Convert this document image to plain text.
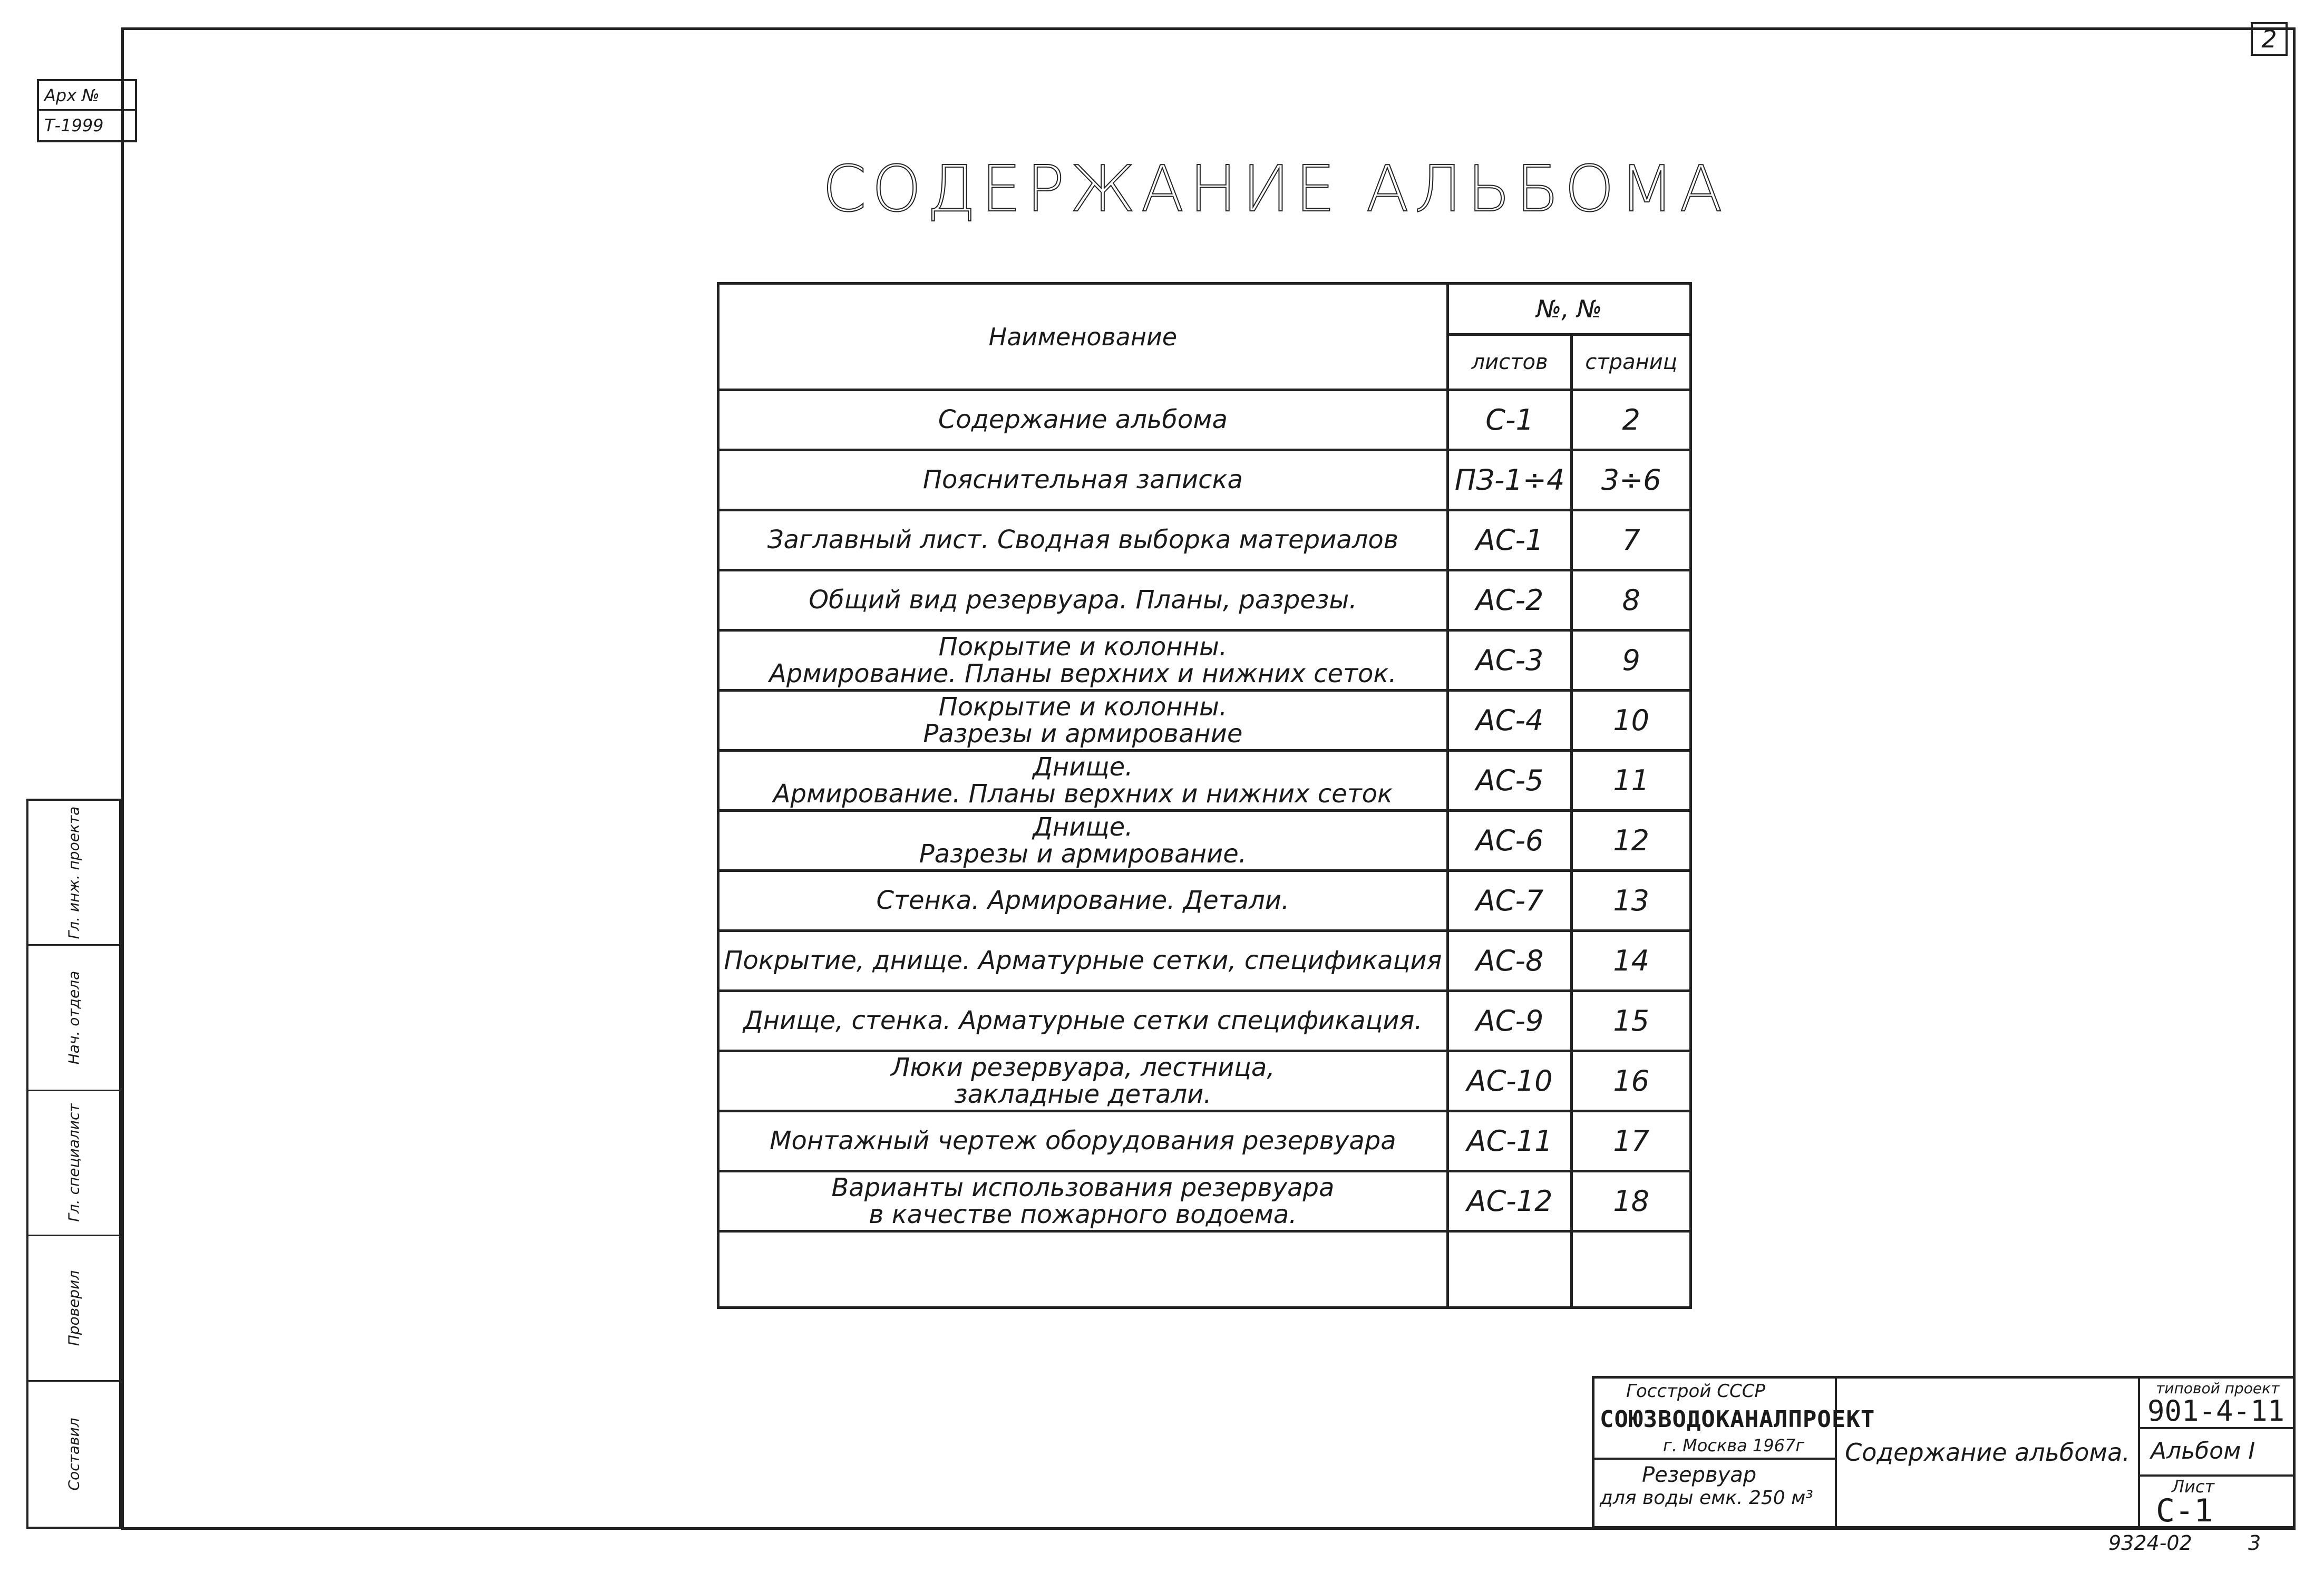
Арх №
Т-1999
Гл. инж. проекта
Нач. отдела
Гл. специалист
Проверил
Составил
2
СОДЕРЖАНИЕ АЛЬБОМА
Наименование	№, №	
	листов	страниц

Содержание альбома	С-1	2

Пояснительная записка	ПЗ-1÷4	3÷6

Заглавный лист. Сводная выборка материалов	АС-1	7

Общий вид резервуара. Планы, разрезы.	АС-2	8

Покрытие и колонны.
Армирование. Планы верхних и нижних сеток.	АС-3	9

Покрытие и колонны.
Разрезы и армирование	АС-4	10

Днище.
Армирование. Планы верхних и нижних сеток	АС-5	11

Днище.
Разрезы и армирование.	АС-6	12

Стенка. Армирование. Детали.	АС-7	13

Покрытие, днище. Арматурные сетки, спецификация	АС-8	14

Днище, стенка. Арматурные сетки спецификация.	АС-9	15

Люки резервуара, лестница,
закладные детали.	АС-10	16

Монтажный чертеж оборудования резервуара	АС-11	17

Варианты использования резервуара
в качестве пожарного водоема.	АС-12	18

Госстрой СССР
СОЮЗВОДОКАНАЛПРОЕКТ
г. Москва 1967г
Резервуар
для воды емк. 250 м³
Содержание альбома.
типовой проект
901-4-11
Альбом I
Лист
С-1
9324-02	3
